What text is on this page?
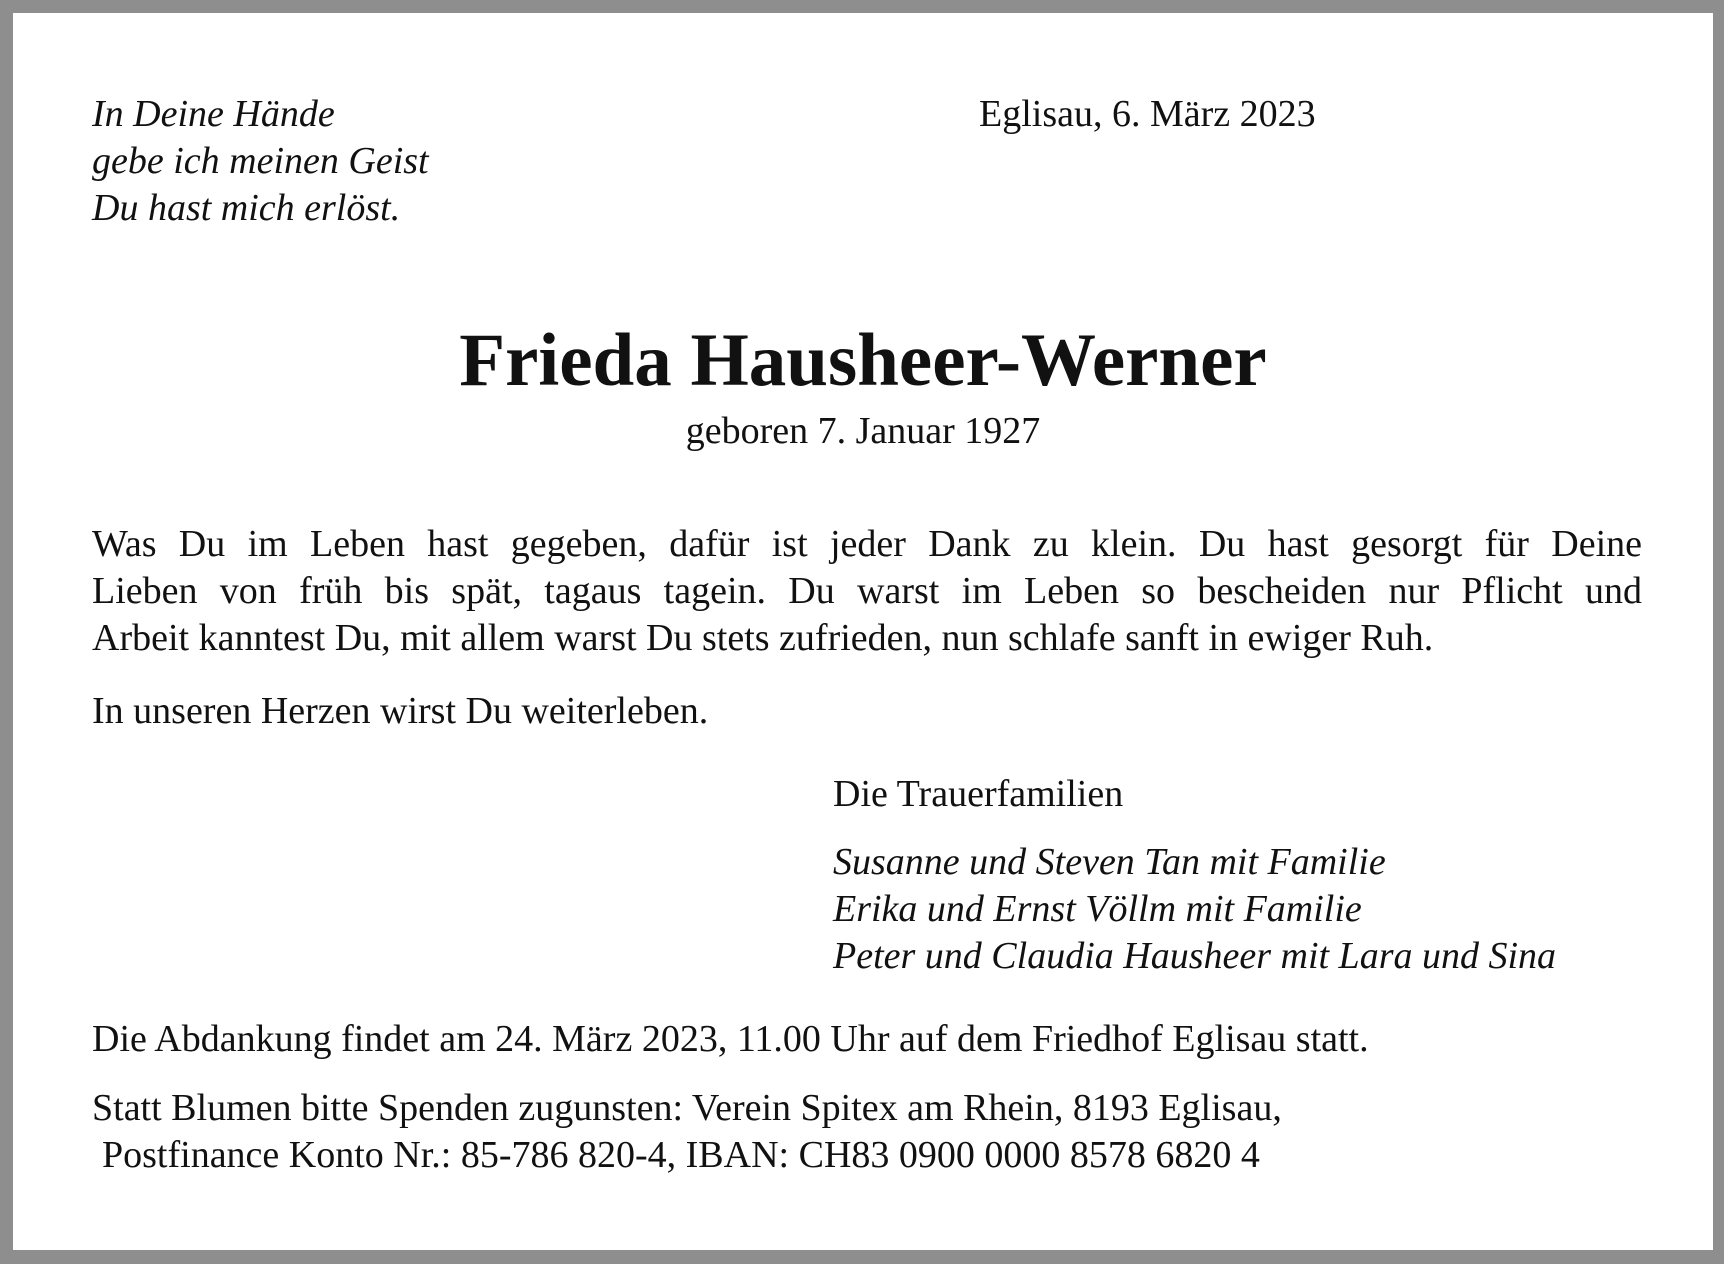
In Deine Hände
gebe ich meinen Geist
Du hast mich erlöst.
Eglisau, 6. März 2023
Frieda Hausheer-Werner
geboren 7. Januar 1927
Was Du im Leben hast gegeben, dafür ist jeder Dank zu klein. Du hast gesorgt für Deine
Lieben von früh bis spät, tagaus tagein. Du warst im Leben so bescheiden nur Pflicht und
Arbeit kanntest Du, mit allem warst Du stets zufrieden, nun schlafe sanft in ewiger Ruh.
In unseren Herzen wirst Du weiterleben.
Die Trauerfamilien
Susanne und Steven Tan mit Familie
Erika und Ernst Völlm mit Familie
Peter und Claudia Hausheer mit Lara und Sina
Die Abdankung findet am 24. März 2023, 11.00 Uhr auf dem Friedhof Eglisau statt.
Statt Blumen bitte Spenden zugunsten: Verein Spitex am Rhein, 8193 Eglisau,
Postfinance Konto Nr.: 85-786 820-4, IBAN: CH83 0900 0000 8578 6820 4
